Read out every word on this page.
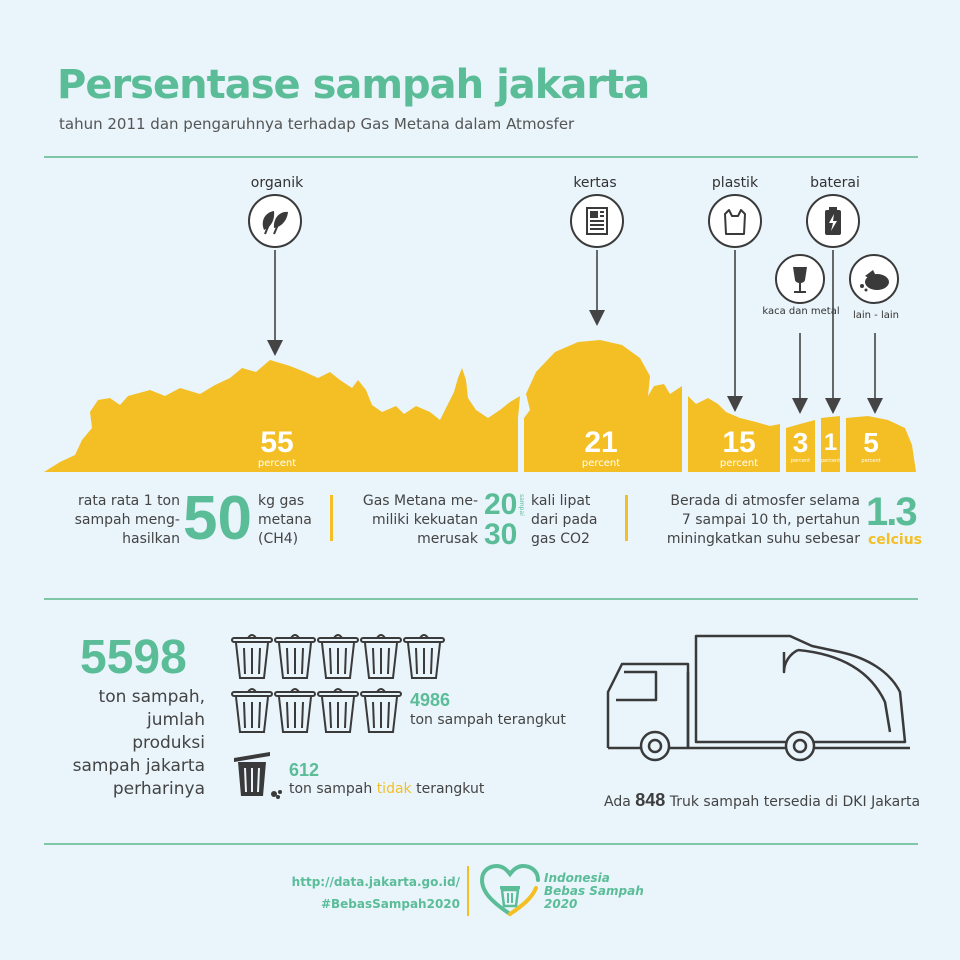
Persentase sampah jakarta
tahun 2011 dan pengaruhnya terhadap Gas Metana dalam Atmosfer
organik	kertas	plastik	baterai
kaca dan metal	lain - lain
55
percent
21
percent
15
percent
3
percent
1
percent
5
percent
rata rata 1 ton
sampah meng-
hasilkan 50 kg gas
metana
(CH4)
Gas Metana me-
miliki kekuatan
merusak
20 sampai
30
kali lipat
dari pada
gas CO2
Berada di atmosfer selama
7 sampai 10 th, pertahun
miningkatkan suhu sebesar
1.3
celcius
5598
ton sampah,
jumlah
produksi
sampah jakarta
perharinya
4986
ton sampah terangkut
612
ton sampah tidak terangkut
Ada 848 Truk sampah tersedia di DKI Jakarta
http://data.jakarta.go.id/
#BebasSampah2020
Indonesia
Bebas Sampah
2020
